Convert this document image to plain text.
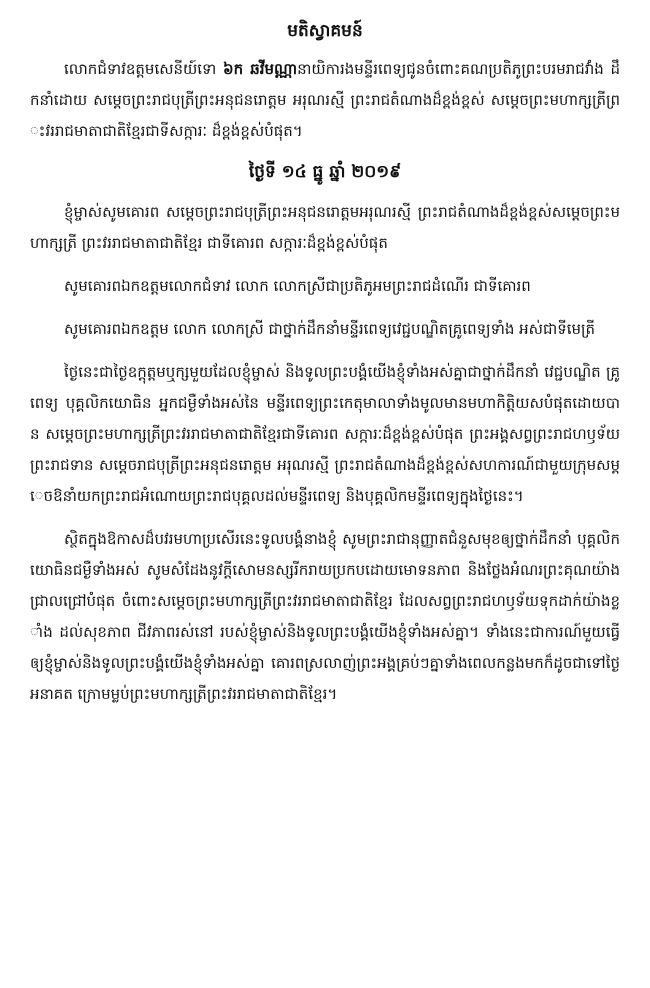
មតិស្វាគមន៍

លោកជំទាវឧត្តមសេនីយ៍ទោ ៦ក ឆវីមណ្ណានាយិការងមន្ទីរពេទ្យជូនចំពោះគណប្រតិភូព្រះបរមរាជវាំង ដឹកនាំដោយ សម្តេចព្រះរាជបុត្រីព្រះអនុជនរោត្តម អរុណរស្មី ព្រះរាជតំណាងដ៏ខ្ពង់ខ្ពស់ សម្តេចព្រះមហាក្សត្រីព្រះវររាជមាតាជាតិខ្មែរជាទីសក្ការៈ ដ៏ខ្ពង់ខ្ពស់បំផុត។

ថ្ងៃទី ១៤ ធ្នូ ឆ្នាំ ២០១៩

ខ្ញុំម្ចាស់សូមគោរព សម្តេចព្រះរាជបុត្រីព្រះអនុជនរោត្តមអរុណរស្មី ព្រះរាជតំណាងដ៏ខ្ពង់ខ្ពស់សម្តេចព្រះមហាក្សត្រី ព្រះវររាជមាតាជាតិខ្មែរ ជាទីគោរព សក្ការៈដ៏ខ្ពង់ខ្ពស់បំផុត

សូមគោរពឯកឧត្តមលោកជំទាវ លោក លោកស្រីជាប្រតិភូអមព្រះរាជដំណើរ ជាទីគោរព

សូមគោរពឯកឧត្តម លោក លោកស្រី ជាថ្នាក់ដឹកនាំមន្ទីរពេទ្យវេជ្ជបណ្ឌិតគ្រូពេទ្យទាំង អស់ជាទីមេត្រី

ថ្ងៃនេះជាថ្ងៃឧក្តុត្តមឬក្សមួយដែលខ្ញុំម្ចាស់ និងទូលព្រះបង្គំយើងខ្ញុំទាំងអស់គ្នាជាថ្នាក់ដឹកនាំ វេជ្ជបណ្ឌិត គ្រូពេទ្យ បុគ្គលិកយោធិន អ្នកជម្ងឺទាំងអស់នៃ មន្ទីរពេទ្យព្រះកេតុមាលាទាំងមូលមានមហាកិត្តិយសបំផុតដោយបាន សម្តេចព្រះមហាក្សត្រីព្រះវររាជមាតាជាតិខ្មែរជាទីគោរព សក្ការៈដ៏ខ្ពង់ខ្ពស់បំផុត ព្រះអង្គសព្វព្រះរាជហឫទ័យព្រះរាជទាន សម្តេចរាជបុត្រីព្រះអនុជនរោត្តម អរុណរស្មី ព្រះរាជតំណាងដ៏ខ្ពង់ខ្ពស់សហការណ៍ជាមួយក្រុមសម្តេចឱនាំយកព្រះរាជអំណោយព្រះរាជបុគ្គលដល់មន្ទីរពេទ្យ និងបុគ្គលិកមន្ទីរពេទ្យក្នុងថ្ងៃនេះ។

ស្ថិតក្នុងឱកាសដ៏បវរមហាប្រសើរនេះទូលបង្គំនាងខ្ញុំ សូមព្រះរាជានុញ្ញាតជំនួសមុខឲ្យថ្នាក់ដឹកនាំ បុគ្គលិកយោធិនជម្ងឺទាំងអស់ សូមសំដែងនូវក្តីសោមនស្សរីករាយប្រកបដោយមោទនភាព និងថ្លែងអំណរព្រះគុណយ៉ាងជ្រាលជ្រៅបំផុត ចំពោះសម្តេចព្រះមហាក្សត្រីព្រះវររាជមាតាជាតិខ្មែរ ដែលសព្វព្រះរាជហឫទ័យទុកដាក់យ៉ាងខ្លាំង ដល់សុខភាព ជីវភាពរស់នៅ របស់ខ្ញុំម្ចាស់និងទូលព្រះបង្គំយើងខ្ញុំទាំងអស់គ្នា។ ទាំងនេះជាការណ៍មួយធ្វើឲ្យខ្ញុំម្ចាស់និងទូលព្រះបង្គំយើងខ្ញុំទាំងអស់គ្នា គោរពស្រលាញ់ព្រះអង្គគ្រប់ៗគ្នាទាំងពេលកន្លងមកក៏ដូចជាទៅថ្ងៃអនាគត ក្រោមម្លប់ព្រះមហាក្សត្រីព្រះវររាជមាតាជាតិខ្មែរ។
